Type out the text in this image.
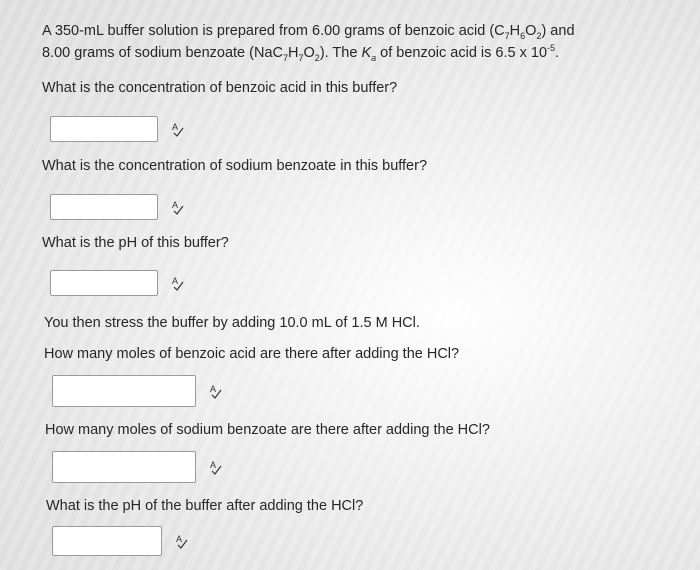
A 350-mL buffer solution is prepared from 6.00 grams of benzoic acid $(C_7H_6O_2)$ and

8.00 grams of sodium benzoate $(NaC_7H_7O_2)$. The $K_a$ of benzoic acid is 6.5 x $10^{-5}$.

What is the concentration of benzoic acid in this buffer?

A

What is the concentration of sodium benzoate in this buffer?

A

What is the pH of this buffer?

A

You then stress the buffer by adding 10.0 mL of 1.5 M HCl.

How many moles of benzoic acid are there after adding the HCl?

A

How many moles of sodium benzoate are there after adding the HCl?

A

What is the pH of the buffer after adding the HCl?

A
